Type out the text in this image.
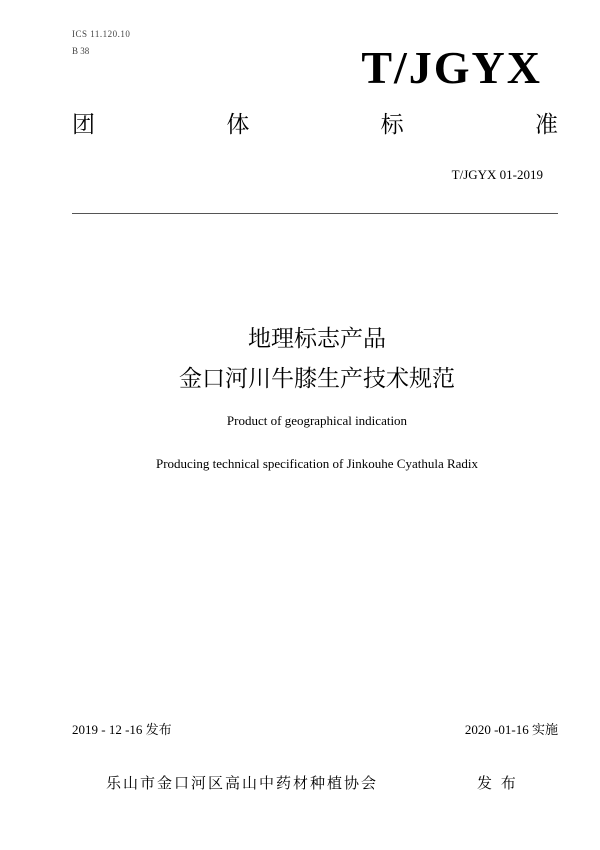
ICS 11.120.10
B 38	T/JGYX
团	体	标	准
T/JGYX 01-2019
地理标志产品
金口河川牛膝生产技术规范
Product of geographical indication
Producing technical specification of Jinkouhe Cyathula Radix
2019 - 12 -16 发布	2020 -01-16 实施
乐山市金口河区高山中药材种植协会	发 布
